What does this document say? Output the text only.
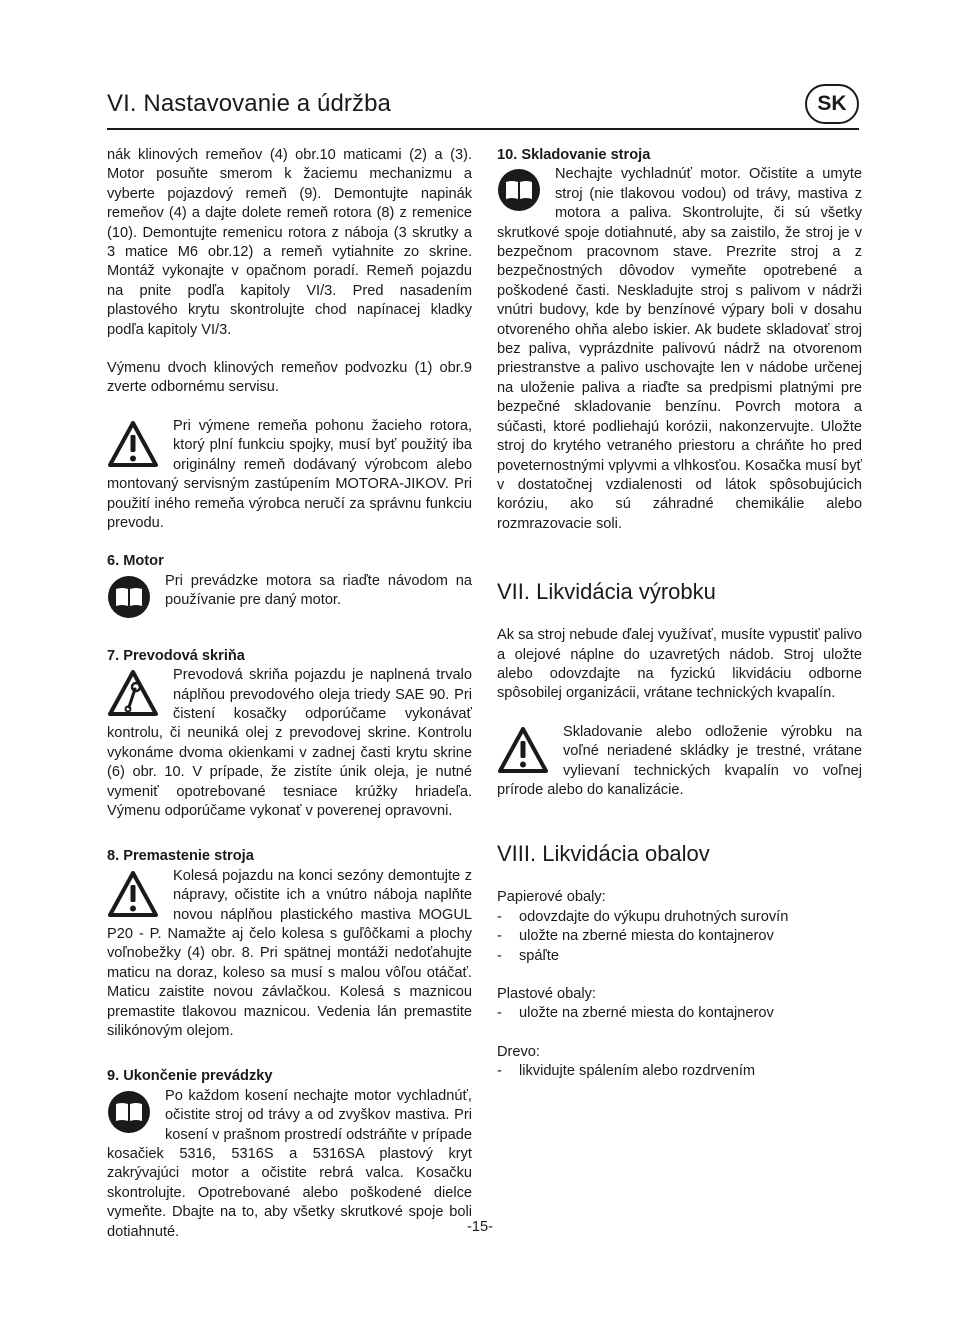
VI. Nastavovanie a údržba	SK

nák klinových remeňov (4) obr.10 maticami (2) a (3). Motor posuňte smerom k žaciemu mechanizmu a vyberte pojazdový remeň (9). Demontujte napinák remeňov (4) a dajte dolete remeň rotora (8) z remenice (10). Demontujte remenicu rotora z náboja (3 skrutky a 3 matice M6 obr.12) a remeň vytiahnite zo skrine. Montáž vykonajte v opačnom poradí. Remeň pojazdu na pnite podľa kapitoly VI/3. Pred nasadením plastového krytu skontrolujte chod napínacej kladky podľa kapitoly VI/3.

Výmenu dvoch klinových remeňov podvozku (1) obr.9 zverte odbornému servisu.

Pri výmene remeňa pohonu žacieho rotora, ktorý plní funkciu spojky, musí byť použitý iba originálny remeň dodávaný výrobcom alebo montovaný servisným zastúpením MOTORA-JIKOV. Pri použití iného remeňa výrobca neručí za správnu funkciu prevodu.

6. Motor

Pri prevádzke motora sa riaďte návodom na používanie pre daný motor.

7. Prevodová skriňa

Prevodová skriňa pojazdu je naplnená trvalo náplňou prevodového oleja triedy SAE 90. Pri čistení kosačky odporúčame vykonávať kontrolu, či neuniká olej z prevodovej skrine. Kontrolu vykonáme dvoma okienkami v zadnej časti krytu skrine (6) obr. 10. V prípade, že zistíte únik oleja, je nutné vymeniť opotrebované tesniace krúžky hriadeľa. Výmenu odporúčame vykonať v poverenej opravovni.

8. Premastenie stroja

Kolesá pojazdu na konci sezóny demontujte z nápravy, očistite ich a vnútro náboja naplňte novou náplňou plastického mastiva MOGUL P20 - P. Namažte aj čelo kolesa s guľôčkami a plochy voľnobežky (4) obr. 8. Pri spätnej montáži nedoťahujte maticu na doraz, koleso sa musí s malou vôľou otáčať. Maticu zaistite novou závlačkou. Kolesá s maznicou premastite tlakovou maznicou. Vedenia lán premastite silikónovým olejom.

9. Ukončenie prevádzky

Po každom kosení nechajte motor vychladnúť, očistite stroj od trávy a od zvyškov mastiva. Pri kosení v prašnom prostredí odstráňte v prípade kosačiek 5316, 5316S a 5316SA plastový kryt zakrývajúci motor a očistite rebrá valca. Kosačku skontrolujte. Opotrebované alebo poškodené dielce vymeňte. Dbajte na to, aby všetky skrutkové spoje boli dotiahnuté.

10. Skladovanie stroja

Nechajte vychladnúť motor. Očistite a umyte stroj (nie tlakovou vodou) od trávy, mastiva z motora a paliva. Skontrolujte, či sú všetky skrutkové spoje dotiahnuté, aby sa zaistilo, že stroj je v bezpečnom pracovnom stave. Prezrite stroj a z bezpečnostných dôvodov vymeňte opotrebené a poškodené časti. Neskladujte stroj s palivom v nádrži vnútri budovy, kde by benzínové výpary boli v dosahu otvoreného ohňa alebo iskier. Ak budete skladovať stroj bez paliva, vyprázdnite palivovú nádrž na otvorenom priestranstve a palivo uschovajte len v nádobe určenej na uloženie paliva a riaďte sa predpismi platnými pre bezpečné skladovanie benzínu. Povrch motora a súčasti, ktoré podliehajú korózii, nakonzervujte. Uložte stroj do krytého vetraného priestoru a chráňte ho pred poveternostnými vplyvmi a vlhkosťou. Kosačka musí byť v dostatočnej vzdialenosti od látok spôsobujúcich koróziu, ako sú záhradné chemikálie alebo rozmrazovacie soli.

VII. Likvidácia výrobku

Ak sa stroj nebude ďalej využívať, musíte vypustiť palivo a olejové náplne do uzavretých nádob. Stroj uložte alebo odovzdajte na fyzickú likvidáciu odborne spôsobilej organizácii, vrátane technických kvapalín.

Skladovanie alebo odloženie výrobku na voľné neriadené skládky je trestné, vrátane vylievaní technických kvapalín vo voľnej prírode alebo do kanalizácie.

VIII. Likvidácia obalov

Papierové obaly:

-	odovzdajte do výkupu druhotných surovín
-	uložte na zberné miesta do kontajnerov
-	spáľte

Plastové obaly:

-	uložte na zberné miesta do kontajnerov

Drevo:

-	likvidujte spálením alebo rozdrvením
-15-
